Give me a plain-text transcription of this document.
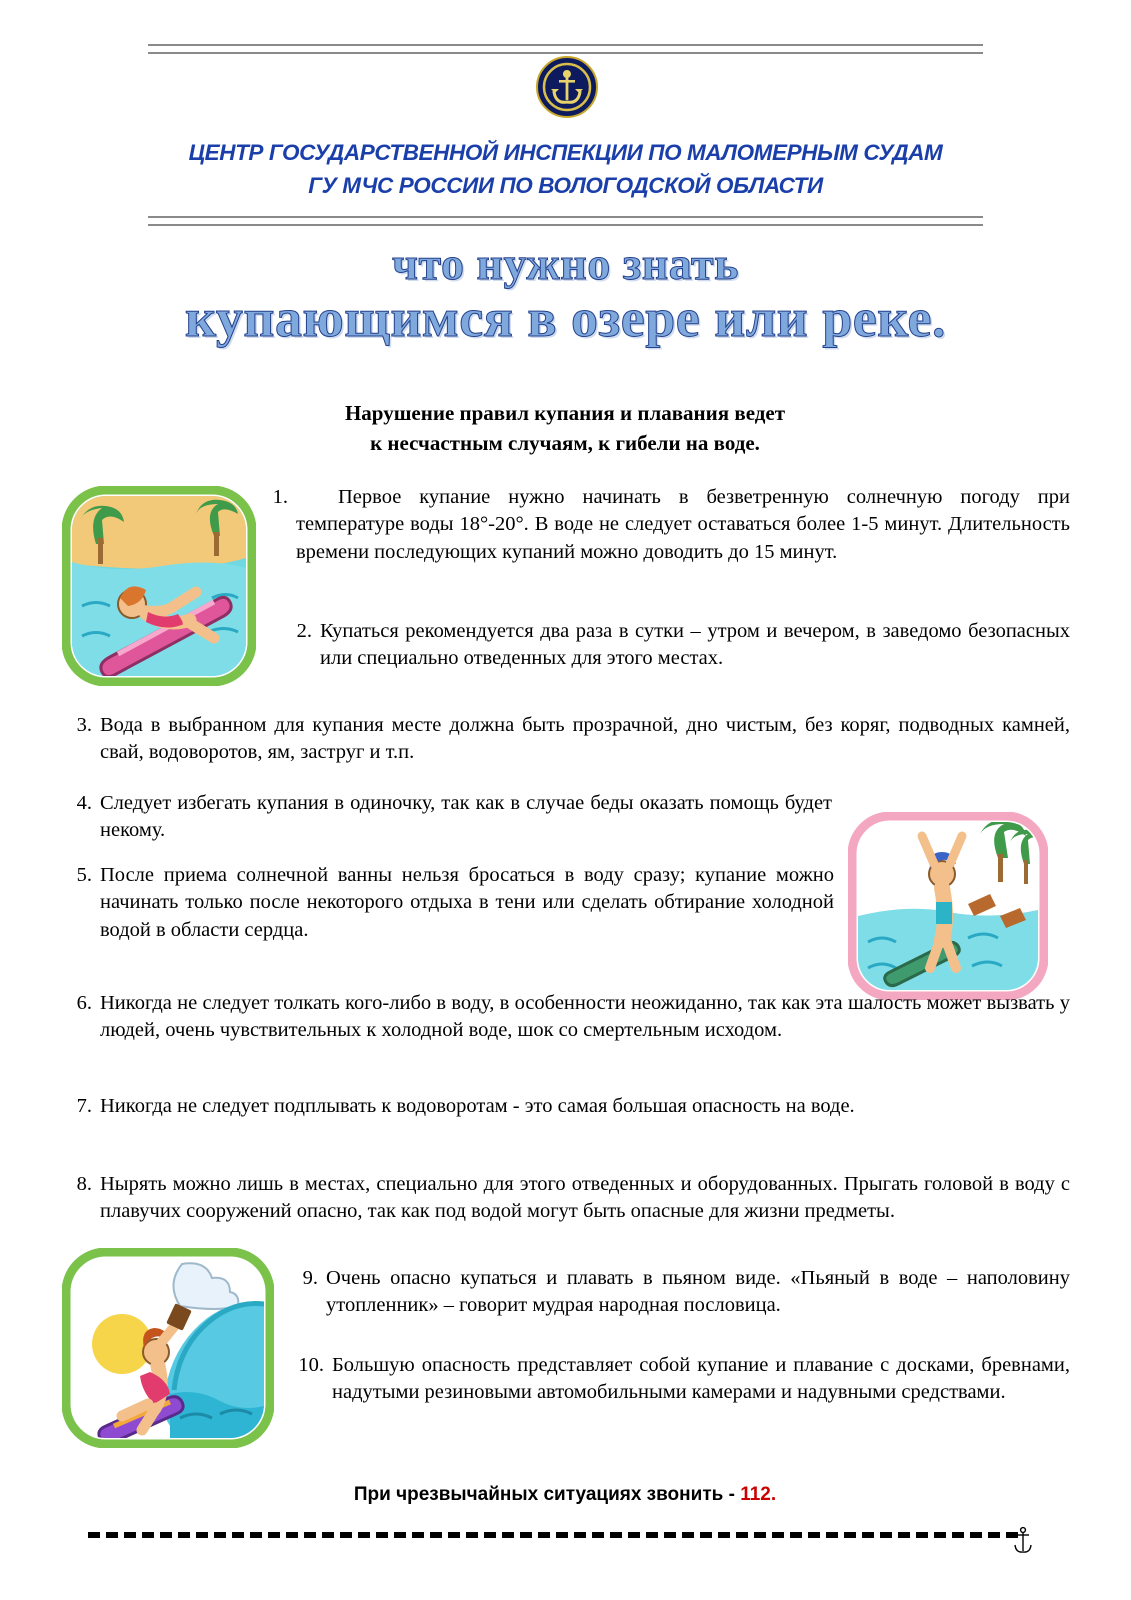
ЦЕНТР ГОСУДАРСТВЕННОЙ ИНСПЕКЦИИ ПО МАЛОМЕРНЫМ СУДАМ
ГУ МЧС РОССИИ ПО ВОЛОГОДСКОЙ ОБЛАСТИ
что нужно знать
купающимся в озере или реке.
Нарушение правил купания и плавания ведет
к несчастным случаям, к гибели на воде.
1.	Первое купание нужно начинать в безветренную солнечную погоду при температуре воды 18°-20°. В воде не следует оставаться более 1-5 минут. Длительность времени последующих купаний можно доводить до 15 минут.
2. Купаться рекомендуется два раза в сутки – утром и вечером, в заведомо безопасных или специально отведенных для этого местах.
3. Вода в выбранном для купания месте должна быть прозрачной, дно чистым, без коряг, подводных камней, свай, водоворотов, ям, заструг и т.п.
4. Следует избегать купания в одиночку, так как в случае беды оказать помощь будет некому.
5. После приема солнечной ванны нельзя бросаться в воду сразу; купание можно начинать только после некоторого отдыха в тени или сделать обтирание холодной водой в области сердца.
6. Никогда не следует толкать кого-либо в воду, в особенности неожиданно, так как эта шалость может вызвать у людей, очень чувствительных к холодной воде, шок со смертельным исходом.
7. Никогда не следует подплывать к водоворотам - это самая большая опасность на воде.
8. Нырять можно лишь в местах, специально для этого отведенных и оборудованных. Прыгать головой в воду с плавучих сооружений опасно, так как под водой могут быть опасные для жизни предметы.
9. Очень опасно купаться и плавать в пьяном виде. «Пьяный в воде – наполовину утопленник» – говорит мудрая народная пословица.
10. Большую опасность представляет собой купание и плавание с досками, бревнами, надутыми резиновыми автомобильными камерами и надувными средствами.
При чрезвычайных ситуациях звонить - 112.
